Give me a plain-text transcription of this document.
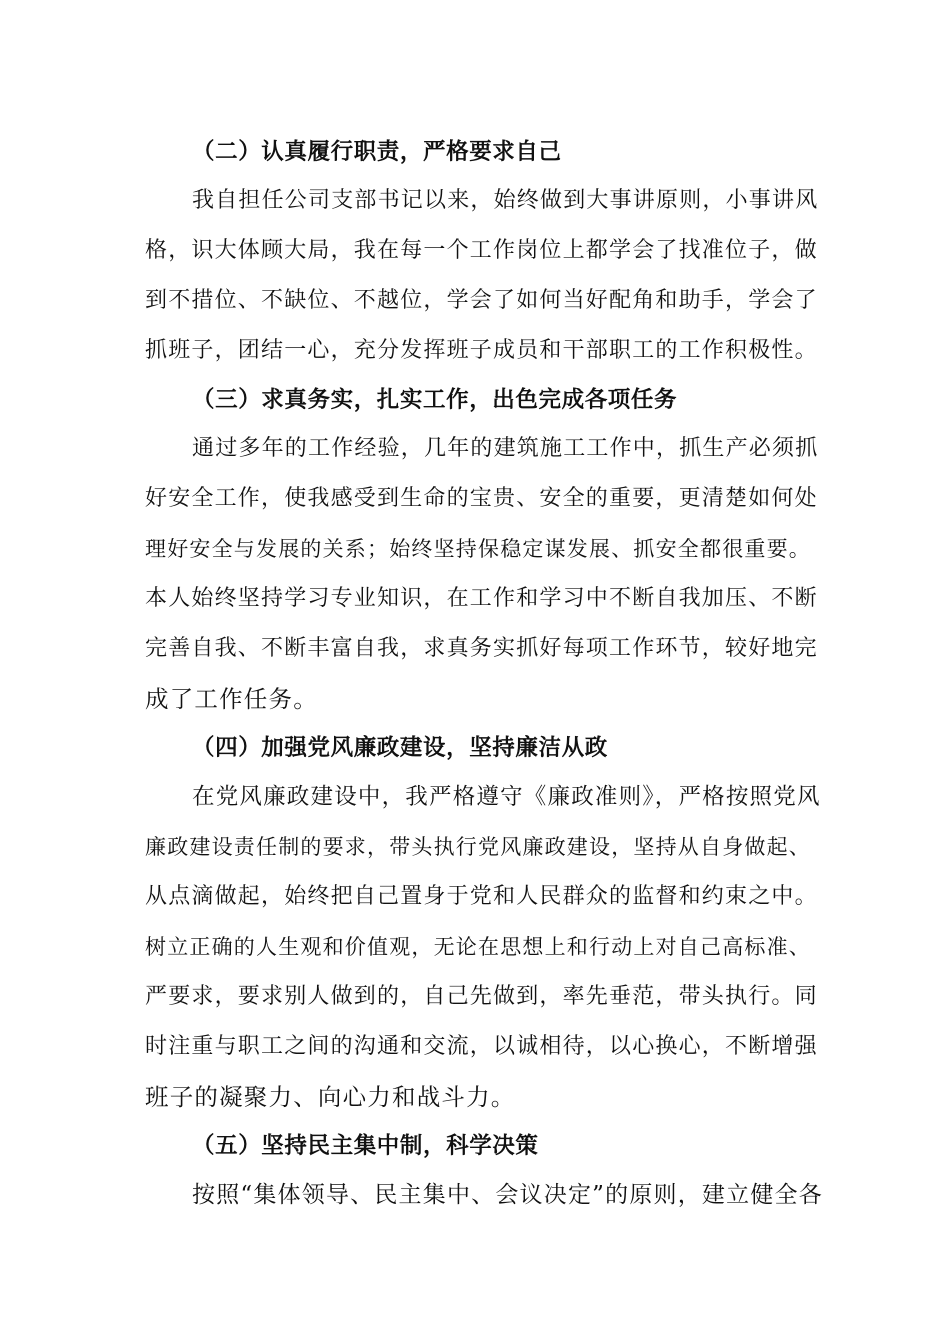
（二）认真履行职责，严格要求自己
我自担任公司支部书记以来，始终做到大事讲原则，小事讲风
格，识大体顾大局，我在每一个工作岗位上都学会了找准位子，做
到不措位、不缺位、不越位，学会了如何当好配角和助手，学会了
抓班子，团结一心，充分发挥班子成员和干部职工的工作积极性。
（三）求真务实，扎实工作，出色完成各项任务
通过多年的工作经验，几年的建筑施工工作中，抓生产必须抓
好安全工作，使我感受到生命的宝贵、安全的重要，更清楚如何处
理好安全与发展的关系；始终坚持保稳定谋发展、抓安全都很重要。
本人始终坚持学习专业知识，在工作和学习中不断自我加压、不断
完善自我、不断丰富自我，求真务实抓好每项工作环节，较好地完
成了工作任务。
（四）加强党风廉政建设，坚持廉洁从政
在党风廉政建设中，我严格遵守《廉政准则》，严格按照党风
廉政建设责任制的要求，带头执行党风廉政建设，坚持从自身做起、
从点滴做起，始终把自己置身于党和人民群众的监督和约束之中。
树立正确的人生观和价值观，无论在思想上和行动上对自己高标准、
严要求，要求别人做到的，自己先做到，率先垂范，带头执行。同
时注重与职工之间的沟通和交流，以诚相待，以心换心，不断增强
班子的凝聚力、向心力和战斗力。
（五）坚持民主集中制，科学决策
按照“集体领导、民主集中、会议决定”的原则，建立健全各
